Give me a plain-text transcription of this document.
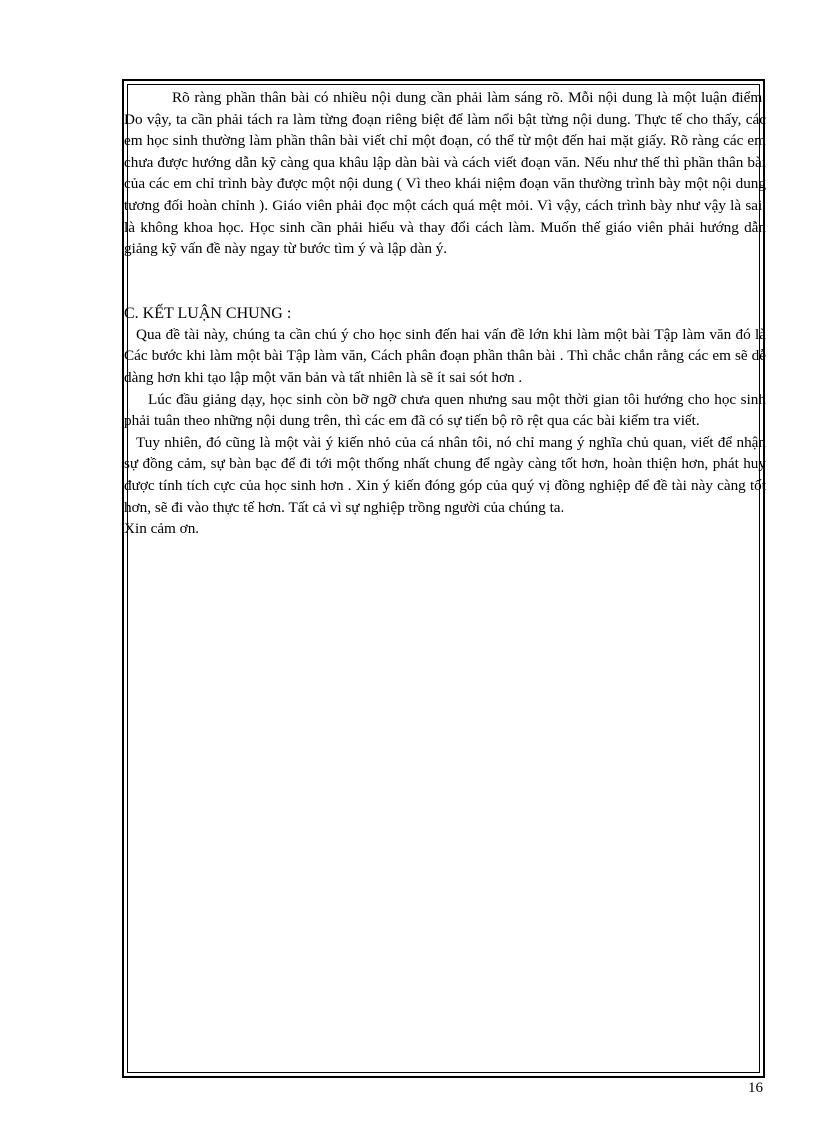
Rõ ràng phần thân bài có nhiều nội dung cần phải làm sáng rõ. Mỗi nội dung là một luận điểm. Do vậy, ta cần phải tách ra làm từng đoạn riêng biệt để làm nổi bật từng nội dung. Thực tế cho thấy, các em học sinh thường làm phần thân bài viết chỉ một đoạn, có thể từ một đến hai mặt giấy. Rõ ràng các em chưa được hướng dẫn kỹ càng qua khâu lập dàn bài và cách viết đoạn văn. Nếu như thế thì phần thân bài của các em chỉ trình bày được một nội dung ( Vì theo khái niệm đoạn văn thường trình bày một nội dung tương đối hoàn chỉnh ). Giáo viên phải đọc một cách quá mệt mỏi. Vì vậy, cách trình bày như vậy là sai, là không khoa học. Học sinh cần phải hiểu và thay đổi cách làm. Muốn thế giáo viên phải hướng dẫn giảng kỹ vấn đề này ngay từ bước tìm ý và lập dàn ý.

C. KẾT LUẬN CHUNG :

Qua đề tài này, chúng ta cần chú ý cho học sinh đến hai vấn đề lớn khi làm một bài Tập làm văn đó là Các bước khi làm một bài Tập làm văn, Cách phân đoạn phần thân bài . Thì chắc chắn rằng các em sẽ dễ dàng hơn khi tạo lập một văn bản và tất nhiên là sẽ ít sai sót hơn .

Lúc đầu giảng dạy, học sinh còn bỡ ngỡ chưa quen nhưng sau một thời gian tôi hướng cho học sinh phải tuân theo những nội dung trên, thì các em đã có sự tiến bộ rõ rệt qua các bài kiểm tra viết.

Tuy nhiên, đó cũng là một vài ý kiến nhỏ của cá nhân tôi, nó chỉ mang ý nghĩa chủ quan, viết để nhận sự đồng cảm, sự bàn bạc để đi tới một thống nhất chung để ngày càng tốt hơn, hoàn thiện hơn, phát huy được tính tích cực của học sinh hơn . Xin ý kiến đóng góp của quý vị đồng nghiệp để đề tài này càng tốt hơn, sẽ đi vào thực tế hơn. Tất cả vì sự nghiệp trồng người của chúng ta.

Xin cảm ơn.

16
